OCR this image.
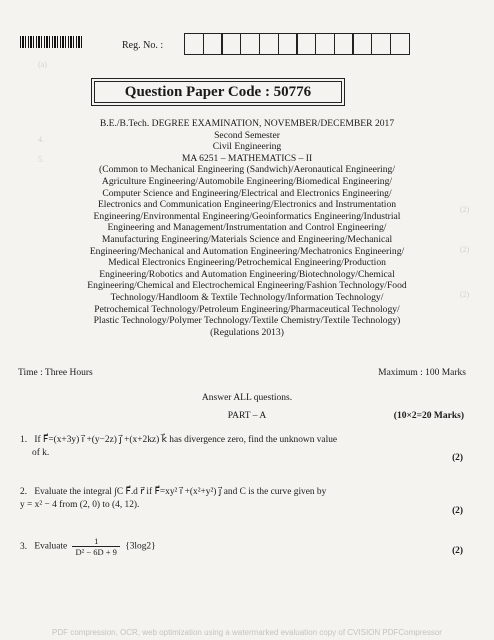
Reg. No. :
Question Paper Code : 50776
B.E./B.Tech. DEGREE EXAMINATION, NOVEMBER/DECEMBER 2017
Second Semester
Civil Engineering
MA 6251 – MATHEMATICS – II
(Common to Mechanical Engineering (Sandwich)/Aeronautical Engineering/
Agriculture Engineering/Automobile Engineering/Biomedical Engineering/
Computer Science and Engineering/Electrical and Electronics Engineering/
Electronics and Communication Engineering/Electronics and Instrumentation
Engineering/Environmental Engineering/Geoinformatics Engineering/Industrial
Engineering and Management/Instrumentation and Control Engineering/
Manufacturing Engineering/Materials Science and Engineering/Mechanical
Engineering/Mechanical and Automation Engineering/Mechatronics Engineering/
Medical Electronics Engineering/Petrochemical Engineering/Production
Engineering/Robotics and Automation Engineering/Biotechnology/Chemical
Engineering/Chemical and Electrochemical Engineering/Fashion Technology/Food
Technology/Handloom & Textile Technology/Information Technology/
Petrochemical Technology/Petroleum Engineering/Pharmaceutical Technology/
Plastic Technology/Polymer Technology/Textile Chemistry/Textile Technology)
(Regulations 2013)
Time : Three Hours	Maximum : 100 Marks
Answer ALL questions.
PART – A	(10×2=20 Marks)
1. If F⃗=(x+3y) i⃗ +(y−2z) j⃗ +(x+2kz) k⃗ has divergence zero, find the unknown value
of k.	(2)
2. Evaluate the integral ∫C F⃗.d r⃗ if F⃗=xy² i⃗ +(x²+y²) j⃗ and C is the curve given by
y = x² − 4 from (2, 0) to (4, 12).
(2)
3. Evaluate $\frac{1}{\text{D² − 6D + 9}} \{3\log 2\}$	(2)
(a)
4.
5.
(2)
(2)
(2)
PDF compression, OCR, web optimization using a watermarked evaluation copy of CVISION PDFCompressor
